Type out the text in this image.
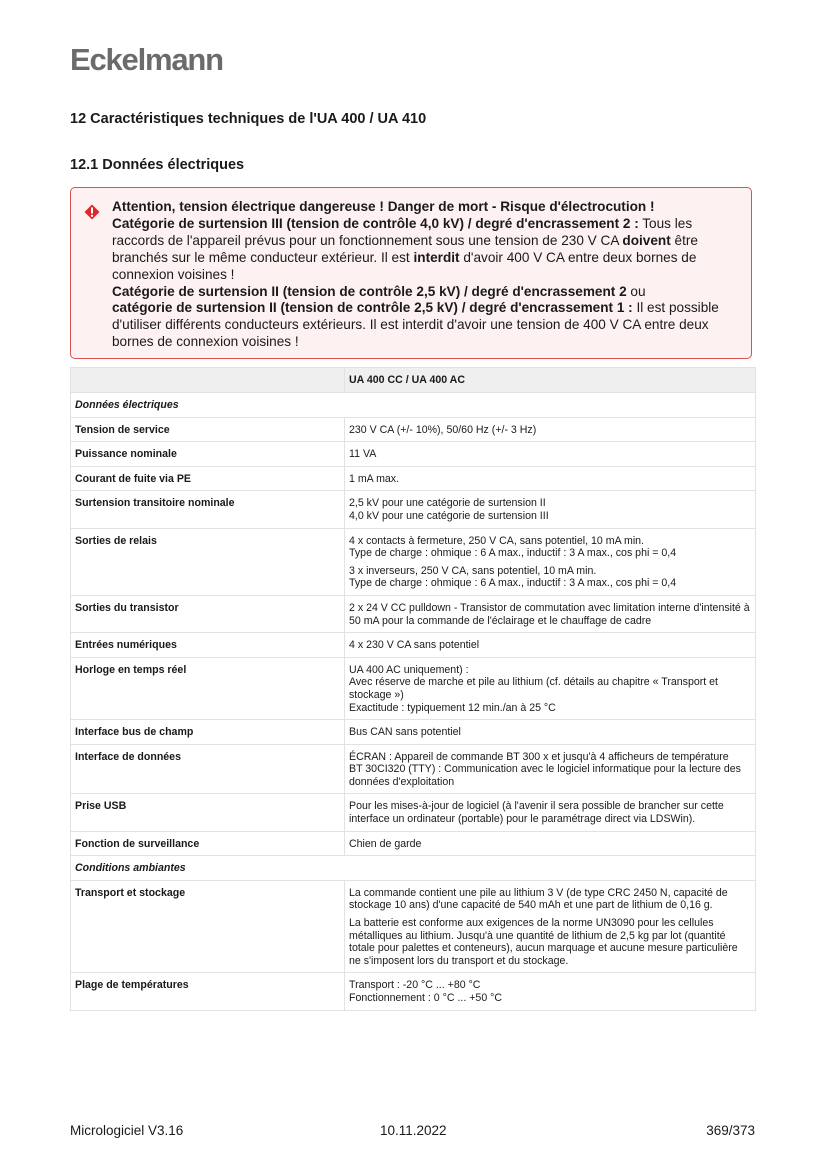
Eckelmann
12 Caractéristiques techniques de l'UA 400 / UA 410
12.1 Données électriques

Attention, tension électrique dangereuse ! Danger de mort - Risque d'électrocution !

Catégorie de surtension III (tension de contrôle 4,0 kV) / degré d'encrassement 2 : Tous les raccords de l'appareil prévus pour un fonctionnement sous une tension de 230 V CA doivent être branchés sur le même conducteur extérieur. Il est interdit d'avoir 400 V CA entre deux bornes de connexion voisines !

Catégorie de surtension II (tension de contrôle 2,5 kV) / degré d'encrassement 2 ou
catégorie de surtension II (tension de contrôle 2,5 kV) / degré d'encrassement 1 : Il est possible d'utiliser différents conducteurs extérieurs. Il est interdit d'avoir une tension de 400 V CA entre deux bornes de connexion voisines !

	UA 400 CC / UA 400 AC
Données électriques	
Tension de service	230 V CA (+/- 10%), 50/60 Hz (+/- 3 Hz)

Puissance nominale	11 VA

Courant de fuite via PE	1 mA max.

Surtension transitoire nominale	2,5 kV pour une catégorie de surtension II
4,0 kV pour une catégorie de surtension III

Sorties de relais	4 x contacts à fermeture, 250 V CA, sans potentiel, 10 mA min.
Type de charge : ohmique : 6 A max., inductif : 3 A max., cos phi = 0,4

3 x inverseurs, 250 V CA, sans potentiel, 10 mA min.
Type de charge : ohmique : 6 A max., inductif : 3 A max., cos phi = 0,4

Sorties du transistor	2 x 24 V CC pulldown - Transistor de commutation avec limitation interne d'intensité à 50 mA pour la commande de l'éclairage et le chauffage de cadre

Entrées numériques	4 x 230 V CA sans potentiel

Horloge en temps réel	UA 400 AC uniquement) :
Avec réserve de marche et pile au lithium (cf. détails au chapitre « Transport et stockage »)
Exactitude : typiquement 12 min./an à 25 °C

Interface bus de champ	Bus CAN sans potentiel

Interface de données	ÉCRAN : Appareil de commande BT 300 x et jusqu'à 4 afficheurs de température
BT 30CI320 (TTY) : Communication avec le logiciel informatique pour la lecture des données d'exploitation

Prise USB	Pour les mises-à-jour de logiciel (à l'avenir il sera possible de brancher sur cette interface un ordinateur (portable) pour le paramétrage direct via LDSWin).

Fonction de surveillance	Chien de garde

Conditions ambiantes	
Transport et stockage	La commande contient une pile au lithium 3 V (de type CRC 2450 N, capacité de stockage 10 ans) d'une capacité de 540 mAh et une part de lithium de 0,16 g.

La batterie est conforme aux exigences de la norme UN3090 pour les cellules métalliques au lithium. Jusqu'à une quantité de lithium de 2,5 kg par lot (quantité totale pour palettes et conteneurs), aucun marquage et aucune mesure particulière ne s'imposent lors du transport et du stockage.

Plage de températures	Transport : -20 °C ... +80 °C
Fonctionnement : 0 °C ... +50 °C

Micrologiciel V3.16	10.11.2022	369/373
